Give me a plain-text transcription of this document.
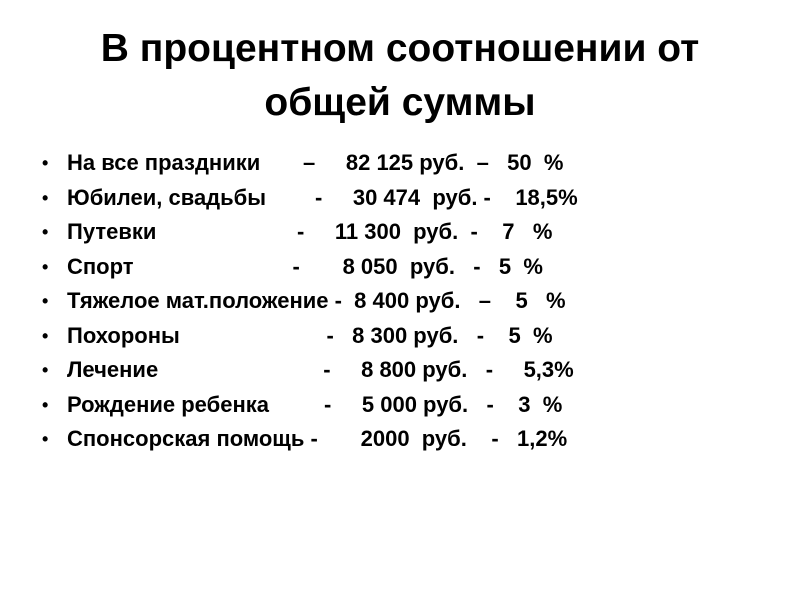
В процентном соотношении от
общей суммы

•

На все праздники       –     82 125 руб.  –   50  %

•

Юбилеи, свадьбы        -     30 474  руб. -    18,5%

•

Путевки                       -     11 300  руб.  -    7   %

•

Спорт                          -       8 050  руб.   -   5  %

•

Тяжелое мат.положение -  8 400 руб.   –    5   %

•

Похороны                        -   8 300 руб.   -    5  %

•

Лечение                           -     8 800 руб.   -     5,3%

•

Рождение ребенка         -     5 000 руб.   -    3  %

•

Спонсорская помощь -       2000  руб.    -   1,2%
